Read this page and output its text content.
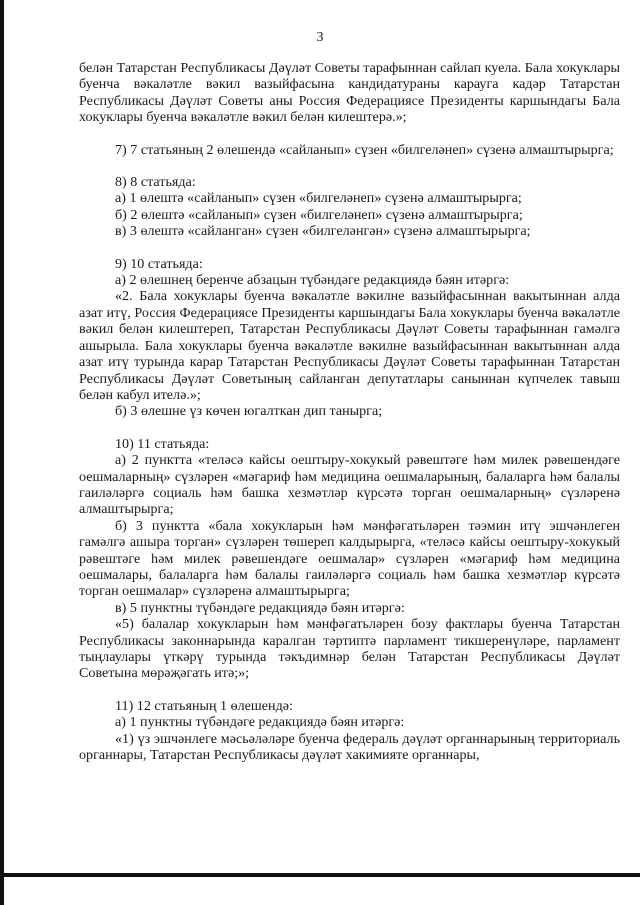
3

белән Татарстан Республикасы Дәүләт Советы тарафыннан сайлап куела. Бала хокуклары буенча вәкаләтле вәкил вазыйфасына кандидатураны карауга кадәр Татарстан Республикасы Дәүләт Советы аны Россия Федерациясе Президенты каршындагы Бала хокуклары буенча вәкаләтле вәкил белән килештерә.»;

7) 7 статьяның 2 өлешендә «сайланып» сүзен «билгеләнеп» сүзенә алмаштырырга;

8) 8 статьяда:

а) 1 өлештә «сайланып» сүзен «билгеләнеп» сүзенә алмаштырырга;

б) 2 өлештә «сайланып» сүзен «билгеләнеп» сүзенә алмаштырырга;

в) 3 өлештә «сайланган» сүзен «билгеләнгән» сүзенә алмаштырырга;

9) 10 статьяда:

а) 2 өлешнең беренче абзацын түбәндәге редакциядә бәян итәргә:

«2. Бала хокуклары буенча вәкаләтле вәкилне вазыйфасыннан вакытыннан алда азат итү, Россия Федерациясе Президенты каршындагы Бала хокуклары буенча вәкаләтле вәкил белән килештереп, Татарстан Республикасы Дәүләт Советы тарафыннан гамәлгә ашырыла. Бала хокуклары буенча вәкаләтле вәкилне вазыйфасыннан вакытыннан алда азат итү турында карар Татарстан Республикасы Дәүләт Советы тарафыннан Татарстан Республикасы Дәүләт Советының сайланган депутатлары саныннан күпчелек тавыш белән кабул ителә.»;

б) 3 өлешне үз көчен югалткан дип танырга;

10) 11 статьяда:

а) 2 пунктта «теләсә кайсы оештыру-хокукый рәвештәге һәм милек рәвешендәге оешмаларның» сүзләрен «мәгариф һәм медицина оешмаларының, балаларга һәм балалы гаиләләргә социаль һәм башка хезмәтләр күрсәтә торган оешмаларның» сүзләренә алмаштырырга;

б) 3 пунктта «бала хокукларын һәм мәнфәгатьләрен тәэмин итү эшчәнлеген гамәлгә ашыра торган» сүзләрен төшереп калдырырга, «теләсә кайсы оештыру-хокукый рәвештәге һәм милек рәвешендәге оешмалар» сүзләрен «мәгариф һәм медицина оешмалары, балаларга һәм балалы гаиләләргә социаль һәм башка хезмәтләр күрсәтә торган оешмалар» сүзләренә алмаштырырга;

в) 5 пунктны түбәндәге редакциядә бәян итәргә:

«5) балалар хокукларын һәм мәнфәгатьләрен бозу фактлары буенча Татарстан Республикасы законнарында каралган тәртиптә парламент тикшеренүләре, парламент тыңлаулары үткәрү турында тәкъдимнәр белән Татарстан Республикасы Дәүләт Советына мөрәҗәгать итә;»;

11) 12 статьяның 1 өлешендә:

а) 1 пунктны түбәндәге редакциядә бәян итәргә:

«1) үз эшчәнлеге мәсьәләләре буенча федераль дәүләт органнарының территориаль органнары, Татарстан Республикасы дәүләт хакимияте органнары,
